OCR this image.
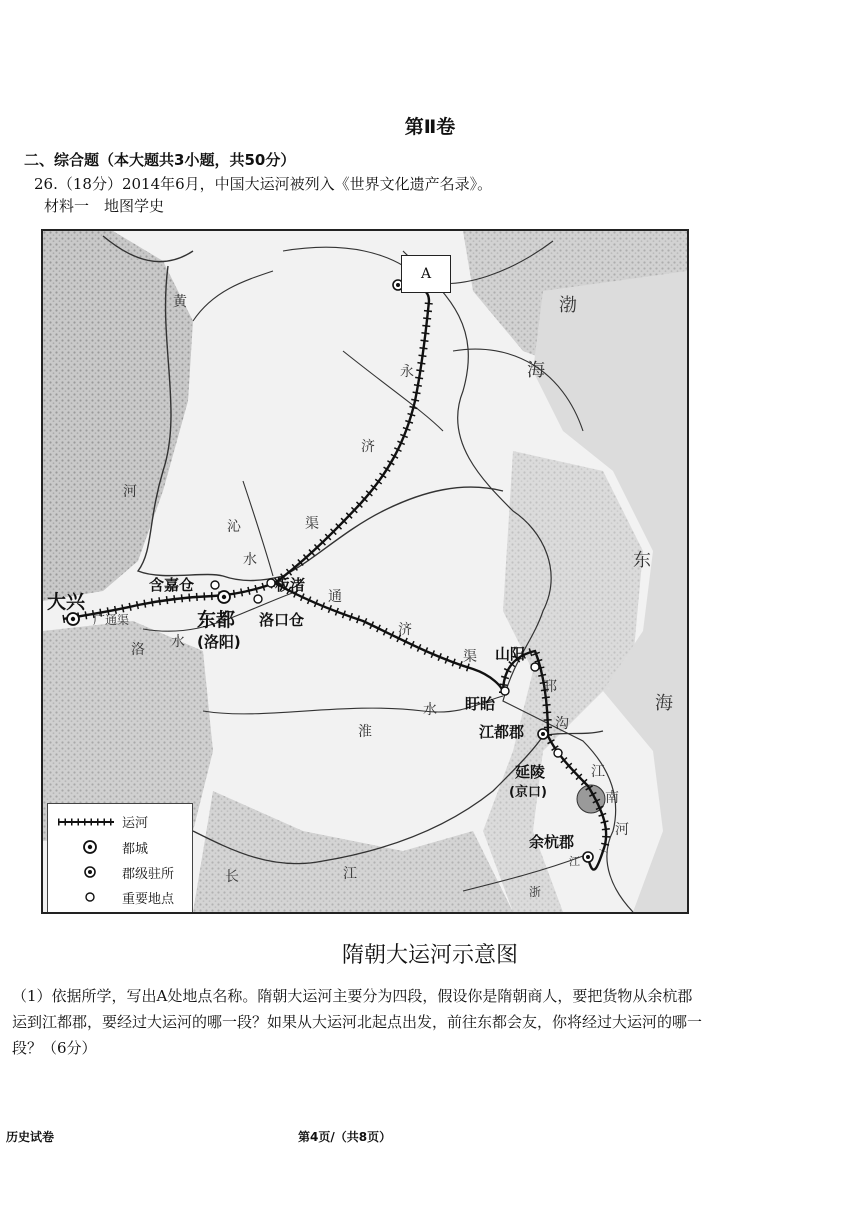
第Ⅱ卷
二、综合题（本大题共3小题，共50分）
26.（18分）2014年6月，中国大运河被列入《世界文化遗产名录》。
材料一　地图学史
A
渤
海
东
海
黄
河
沁
水
永
济
渠
通
济
渠
广通渠
洛 水
淮
水
邗
沟
江
南
河
长	江
江
浙
大兴
含嘉仓	板渚
洛口仓
东都
(洛阳)
山阳
盱眙
江都郡
延陵
(京口)
余杭郡
运河
都城
郡级驻所
重要地点
隋朝大运河示意图
（1）依据所学，写出A处地点名称。隋朝大运河主要分为四段，假设你是隋朝商人，要把货物从余杭郡运到江都郡，要经过大运河的哪一段？如果从大运河北起点出发，前往东都会友，你将经过大运河的哪一段？（6分）
历史试卷	第4页/（共8页）
